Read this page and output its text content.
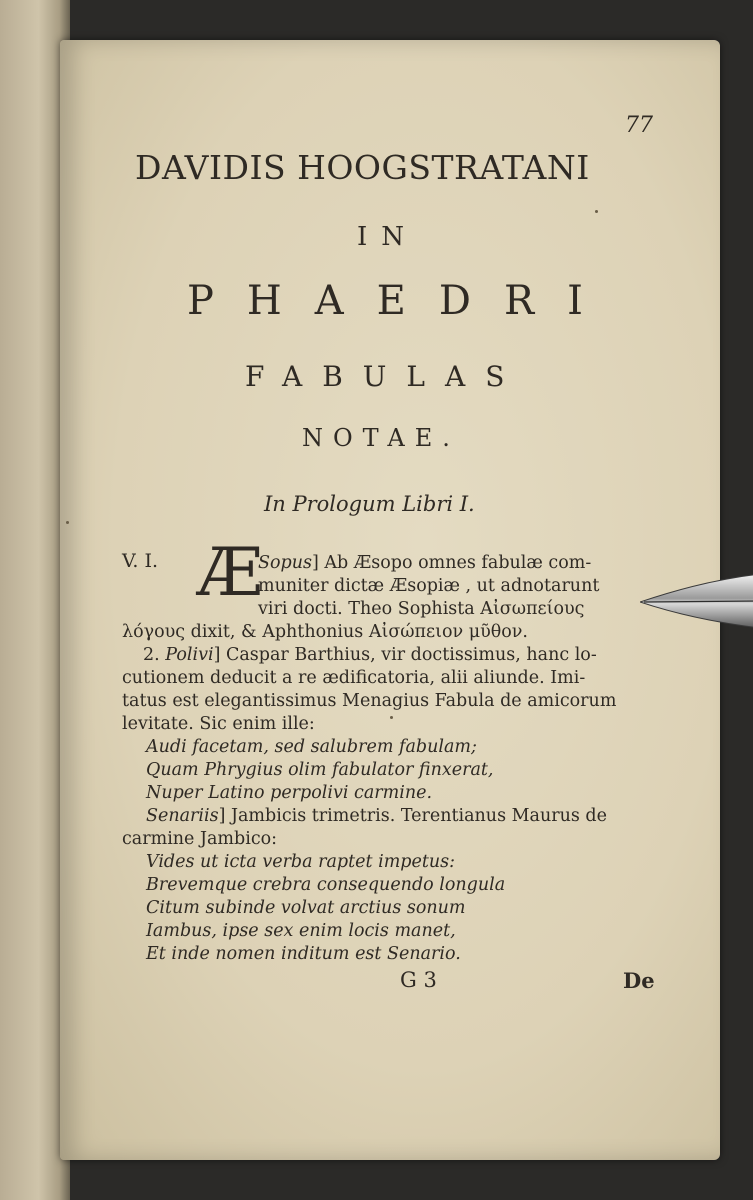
77
DAVIDIS HOOGSTRATANI
IN
PHAEDRI
FABULAS
NOTAE.
In Prologum Libri I.
V. I. Æ
Sopus] Ab Æsopo omnes fabulæ com-
muniter dictæ Æsopiæ , ut adnotarunt
viri docti. Theo Sophista Αἰσωπείους
λόγους dixit, & Aphthonius Αἰσώπειον μῦθον.
2. Polivi] Caspar Barthius, vir doctissimus, hanc lo-
cutionem deducit a re ædificatoria, alii aliunde. Imi-
tatus est elegantissimus Menagius Fabula de amicorum
levitate. Sic enim ille:
Audi facetam, sed salubrem fabulam;
Quam Phrygius olim fabulator finxerat,
Nuper Latino perpolivi carmine.
Senariis] Jambicis trimetris. Terentianus Maurus de
carmine Jambico:
Vides ut icta verba raptet impetus:
Brevemque crebra consequendo longula
Citum subinde volvat arctius sonum
Iambus, ipse sex enim locis manet,
Et inde nomen inditum est Senario.
G 3	De
